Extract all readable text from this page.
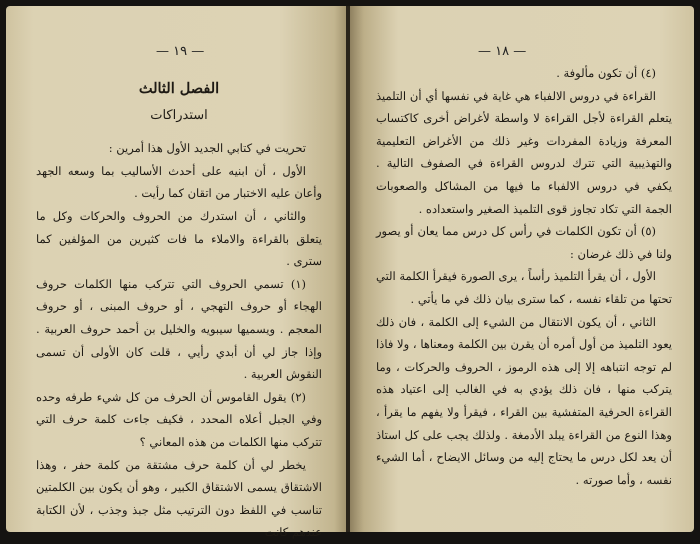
— ١٩ —
الفصل الثالث
استدراكات

تحريت في كتابي الجديد الأول هذا أمرين :

الأول ، أن ابنيه على أحدث الأساليب بما وسعه الجهد وأعان عليه الاختبار من اتقان كما رأيت .

والثاني ، أن استدرك من الحروف والحركات وكل ما يتعلق بالقراءة والاملاء ما فات كثيرين من المؤلفين كما سترى .

(١) تسمي الحروف التي تتركب منها الكلمات حروف الهجاء أو حروف التهجي ، أو حروف المبنى ، أو حروف المعجم . ويسميها سيبويه والخليل بن أحمد حروف العربية . وإذا جاز لي أن أبدي رأيي ، قلت كان الأولى أن تسمى النقوش العربية .

(٢) يقول القاموس أن الحرف من كل شيء طرفه وحده وفي الجبل أعلاه المحدد ، فكيف جاءت كلمة حرف التي تتركب منها الكلمات من هذه المعاني ؟

يخطر لي أن كلمة حرف مشتقة من كلمة حفر ، وهذا الاشتقاق يسمى الاشتقاق الكبير ، وهو أن يكون بين الكلمتين تناسب في اللفظ دون الترتيب مثل جبذ وجذب ، لأن الكتابة عندهم كانت

— ١٨ —

(٤) أن تكون مألوفة .

القراءة في دروس الالفباء هي غاية في نفسها أي أن التلميذ يتعلم القراءة لأجل القراءة لا واسطة لأغراض أخرى كاكتساب المعرفة وزيادة المفردات وغير ذلك من الأغراض التعليمية والتهذيبية التي تترك لدروس القراءة في الصفوف التالية . يكفي في دروس الالفباء ما فيها من المشاكل والصعوبات الجمة التي تكاد تجاوز قوى التلميذ الصغير واستعداده .

(٥) أن تكون الكلمات في رأس كل درس مما يعان أو يصور ولنا في ذلك غرضان :

الأول ، أن يقرأ التلميذ رأساً ، يرى الصورة فيقرأ الكلمة التي تحتها من تلقاء نفسه ، كما سترى بيان ذلك في ما يأتي .

الثاني ، أن يكون الانتقال من الشيء إلى الكلمة ، فان ذلك يعود التلميذ من أول أمره أن يقرن بين الكلمة ومعناها ، ولا فاذا لم توجه انتباهه إلا إلى هذه الرموز ، الحروف والحركات ، وما يتركب منها ، فان ذلك يؤدي به في الغالب إلى اعتياد هذه القراءة الحرفية المتفشية بين القراء ، فيقرأ ولا يفهم ما يقرأ ، وهذا النوع من القراءة يبلد الأدمغة . ولذلك يجب على كل استاذ أن يعد لكل درس ما يحتاج إليه من وسائل الايضاح ، أما الشيء نفسه ، وأما صورته .
